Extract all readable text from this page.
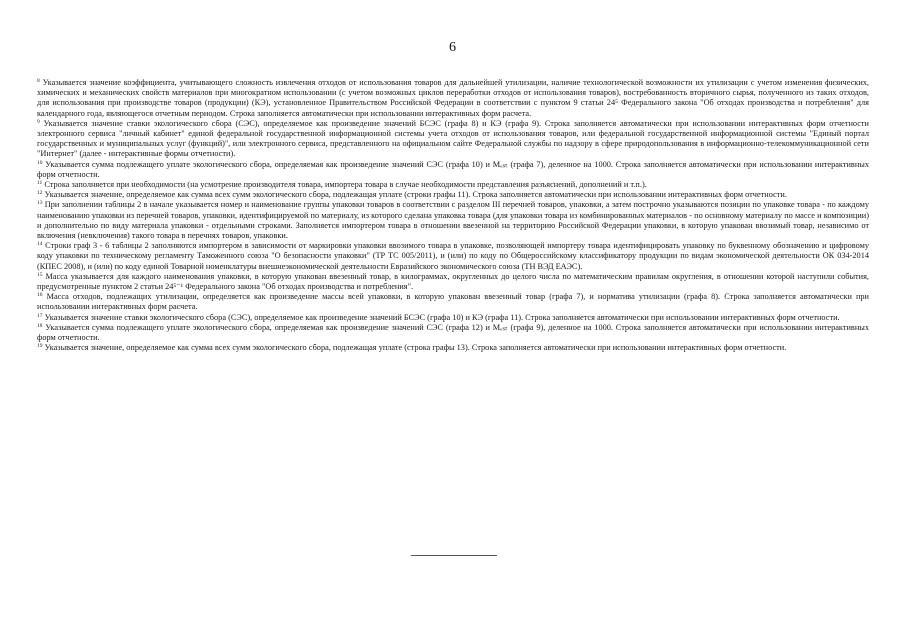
6

$^8$ Указывается значение коэффициента, учитывающего сложность извлечения отходов от использования товаров для дальнейшей утилизации, наличие технологической возможности их утилизации с учетом изменения физических, химических и механических свойств материалов при многократном использовании (с учетом возможных циклов переработки отходов от использования товаров), востребованность вторичного сырья, полученного из таких отходов, для использования при производстве товаров (продукции) (КЭ), установленное Правительством Российской Федерации в соответствии с пунктом 9 статьи 24⁵ Федерального закона "Об отходах производства и потребления" для календарного года, являющегося отчетным периодом. Строка заполняется автоматически при использовании интерактивных форм расчета.

$^9$ Указывается значение ставки экологического сбора (СЭС), определяемое как произведение значений БСЭС (графа 8) и КЭ (графа 9). Строка заполняется автоматически при использовании интерактивных форм отчетности электронного сервиса "личный кабинет" единой федеральной государственной информационной системы учета отходов от использования товаров, или федеральной государственной информационной системы "Единый портал государственных и муниципальных услуг (функций)", или электронного сервиса, представленного на официальном сайте Федеральной службы по надзору в сфере природопользования в информационно-телекоммуникационной сети "Интернет" (далее - интерактивные формы отчетности).

$^{10}$ Указывается сумма подлежащего уплате экологического сбора, определяемая как произведение значений СЭС (графа 10) и Мₑₛₜ (графа 7), деленное на 1000. Строка заполняется автоматически при использовании интерактивных форм отчетности.

$^{11}$ Строка заполняется при необходимости (на усмотрение производителя товара, импортера товара в случае необходимости представления разъяснений, дополнений и т.п.).

$^{12}$ Указывается значение, определяемое как сумма всех сумм экологического сбора, подлежащая уплате (строки графы 11). Строка заполняется автоматически при использовании интерактивных форм отчетности.

$^{13}$ При заполнении таблицы 2 в начале указывается номер и наименование группы упаковки товаров в соответствии с разделом III перечней товаров, упаковки, а затем построчно указываются позиции по упаковке товара - по каждому наименованию упаковки из перечней товаров, упаковки, идентифицируемой по материалу, из которого сделана упаковка товара (для упаковки товара из комбинированных материалов - по основному материалу по массе и композиции) и дополнительно по виду материала упаковки - отдельными строками. Заполняется импортером товара в отношении ввезенной на территорию Российской Федерации упаковки, в которую упакован ввозимый товар, независимо от включения (невключения) такого товара в перечнях товаров, упаковки.

$^{14}$ Строки граф 3 - 6 таблицы 2 заполняются импортером в зависимости от маркировки упаковки ввозимого товара в упаковке, позволяющей импортеру товара идентифицировать упаковку по буквенному обозначению и цифровому коду упаковки по техническому регламенту Таможенного союза "О безопасности упаковки" (ТР ТС 005/2011), и (или) по коду по Общероссийскому классификатору продукции по видам экономической деятельности ОК 034-2014 (КПЕС 2008), и (или) по коду единой Товарной номенклатуры внешнеэкономической деятельности Евразийского экономического союза (ТН ВЭД ЕАЭС).

$^{15}$ Масса указывается для каждого наименования упаковки, в которую упакован ввезенный товар, в килограммах, округленных до целого числа по математическим правилам округления, в отношении которой наступили события, предусмотренные пунктом 2 статьи 24⁵⁻¹ Федерального закона "Об отходах производства и потребления".

$^{16}$ Масса отходов, подлежащих утилизации, определяется как произведение массы всей упаковки, в которую упакован ввезенный товар (графа 7), и норматива утилизации (графа 8). Строка заполняется автоматически при использовании интерактивных форм расчета.

$^{17}$ Указывается значение ставки экологического сбора (СЭС), определяемое как произведение значений БСЭС (графа 10) и КЭ (графа 11). Строка заполняется автоматически при использовании интерактивных форм отчетности.

$^{18}$ Указывается сумма подлежащего уплате экологического сбора, определяемая как произведение значений СЭС (графа 12) и Мₑₛₜ (графа 9), деленное на 1000. Строка заполняется автоматически при использовании интерактивных форм отчетности.

$^{19}$ Указывается значение, определяемое как сумма всех сумм экологического сбора, подлежащая уплате (строка графы 13). Строка заполняется автоматически при использовании интерактивных форм отчетности.
